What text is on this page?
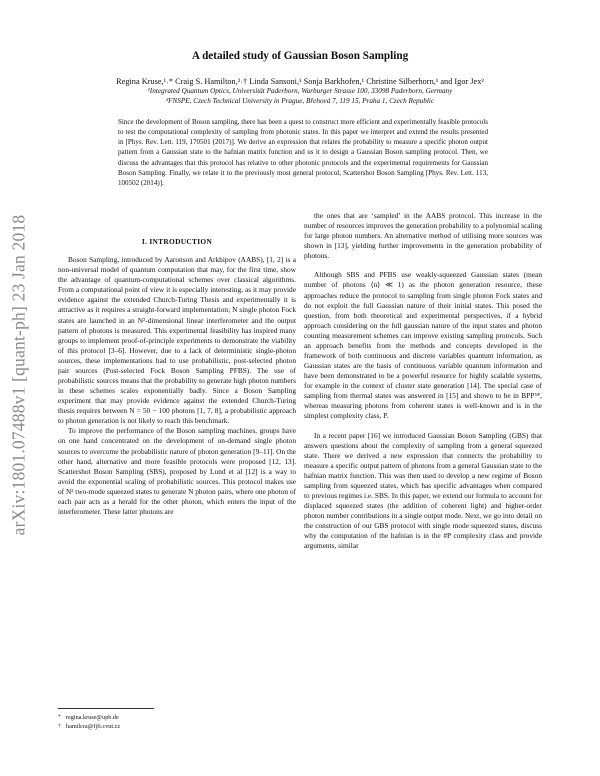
arXiv:1801.07488v1 [quant-ph] 23 Jan 2018
A detailed study of Gaussian Boson Sampling
Regina Kruse,¹˒* Craig S. Hamilton,²˒† Linda Sansoni,¹ Sonja Barkhofen,¹ Christine Silberhorn,¹ and Igor Jex²
¹Integrated Quantum Optics, Universität Paderborn, Warburger Strasse 100, 33098 Paderborn, Germany
²FNSPE, Czech Technical University in Prague, Břehová 7, 119 15, Praha 1, Czech Republic
Since the development of Boson sampling, there has been a quest to construct more efficient and experimentally feasible protocols to test the computational complexity of sampling from photonic states. In this paper we interpret and extend the results presented in [Phys. Rev. Lett. 119, 170501 (2017)]. We derive an expression that relates the probability to measure a specific photon output pattern from a Gaussian state to the hafnian matrix function and us it to design a Gaussian Boson sampling protocol. Then, we discuss the advantages that this protocol has relative to other photonic protocols and the experimental requirements for Gaussian Boson Sampling. Finally, we relate it to the previously most general protocol, Scattershot Boson Sampling [Phys. Rev. Lett. 113, 100502 (2014)].
I. INTRODUCTION

Boson Sampling, introduced by Aaronson and Arkhipov (AABS), [1, 2] is a non-universal model of quantum computation that may, for the first time, show the advantage of quantum-computational schemes over classical algorithms. From a computational point of view it is especially interesting, as it may provide evidence against the extended Church-Turing Thesis and experimentally it is attractive as it requires a straight-forward implementation; N single photon Fock states are launched in an N²-dimensional linear interferometer and the output pattern of photons is measured. This experimental feasibility has inspired many groups to implement proof-of-principle experiments to demonstrate the viability of this protocol [3–6]. However, due to a lack of deterministic single-photon sources, these implementations had to use probabilistic, post-selected photon pair sources (Post-selected Fock Boson Sampling PFBS). The use of probabilistic sources means that the probability to generate high photon numbers in these schemes scales exponentially badly. Since a Boson Sampling experiment that may provide evidence against the extended Church-Turing thesis requires between N = 50 − 100 photons [1, 7, 8], a probabilistic approach to photon generation is not likely to reach this benchmark.

To improve the performance of the Boson sampling machines, groups have on one hand concentrated on the development of on-demand single photon sources to overcome the probabilistic nature of photon generation [9–11]. On the other hand, alternative and more feasible protocols were proposed [12, 13]. Scattershot Boson Sampling (SBS), proposed by Lund et al [12] is a way to avoid the exponential scaling of probabilistic sources. This protocol makes use of N² two-mode squeezed states to generate N photon pairs, where one photon of each pair acts as a herald for the other photon, which enters the input of the interferometer. These latter photons are

the ones that are ‘sampled’ in the AABS protocol. This increase in the number of resources improves the generation probability to a polynomial scaling for large photon numbers. An alternative method of utilising more sources was shown in [13], yielding further improvements in the generation probability of photons.

Although SBS and PFBS use weakly-squeezed Gaussian states (mean number of photons ⟨n⟩ ≪ 1) as the photon generation resource, these approaches reduce the protocol to sampling from single photon Fock states and do not exploit the full Gaussian nature of their initial states. This posed the question, from both theoretical and experimental perspectives, if a hybrid approach considering on the full gaussian nature of the input states and photon counting measurement schemes can improve existing sampling protocols. Such an approach benefits from the methods and concepts developed in the framework of both continuous and discrete variables quantum information, as Gaussian states are the basis of continuous variable quantum information and have been demonstrated to be a powerful resource for highly scalable systems, for example in the context of cluster state generation [14]. The special case of sampling from thermal states was answered in [15] and shown to be in BPPᴺᴾ, whereas measuring photons from coherent states is well-known and is in the simplest complexity class, P.

In a recent paper [16] we introduced Gaussian Boson Sampling (GBS) that answers questions about the complexity of sampling from a general squeezed state. There we derived a new expression that connects the probability to measure a specific output pattern of photons from a general Gaussian state to the hafnian matrix function. This was then used to develop a new regime of Boson sampling from squeezed states, which has specific advantages when compared to previous regimes i.e. SBS. In this paper, we extend our formula to account for displaced squeezed states (the addition of coherent light) and higher-order photon number contributions in a single output mode. Next, we go into detail on the construction of our GBS protocol with single mode squeezed states, discuss why the computation of the hafnian is in the #P complexity class and provide arguments, similar

* regina.kruse@upb.de
† hamilcra@fjfi.cvut.cz
